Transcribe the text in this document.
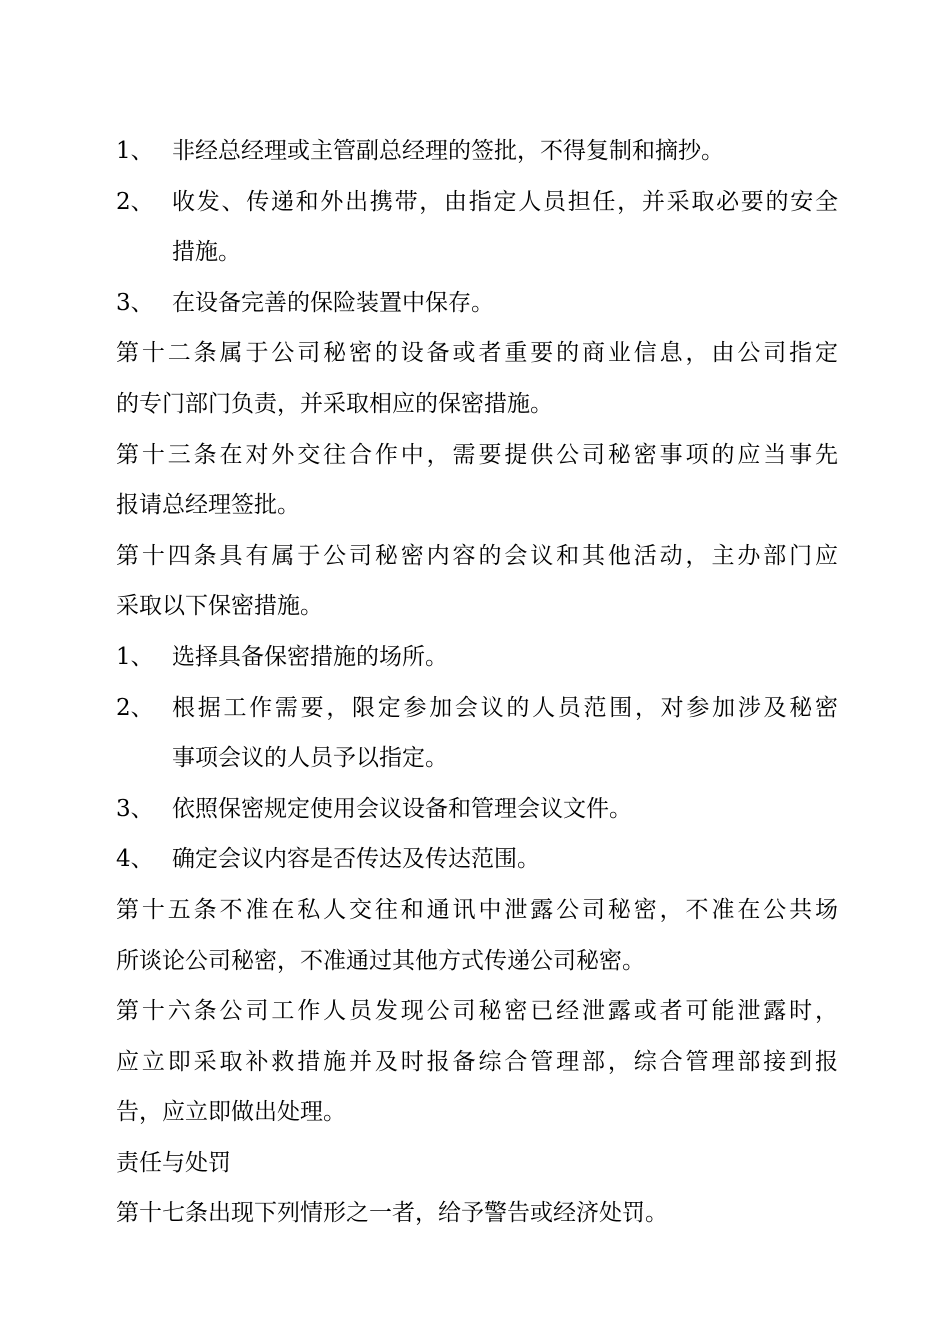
1、 非经总经理或主管副总经理的签批，不得复制和摘抄。
2、 收发、传递和外出携带，由指定人员担任，并采取必要的安全
措施。
3、 在设备完善的保险装置中保存。
第十二条属于公司秘密的设备或者重要的商业信息，由公司指定
的专门部门负责，并采取相应的保密措施。
第十三条在对外交往合作中，需要提供公司秘密事项的应当事先
报请总经理签批。
第十四条具有属于公司秘密内容的会议和其他活动，主办部门应
采取以下保密措施。
1、 选择具备保密措施的场所。
2、 根据工作需要，限定参加会议的人员范围，对参加涉及秘密
事项会议的人员予以指定。
3、 依照保密规定使用会议设备和管理会议文件。
4、 确定会议内容是否传达及传达范围。
第十五条不准在私人交往和通讯中泄露公司秘密，不准在公共场
所谈论公司秘密，不准通过其他方式传递公司秘密。
第十六条公司工作人员发现公司秘密已经泄露或者可能泄露时，
应立即采取补救措施并及时报备综合管理部，综合管理部接到报
告，应立即做出处理。
责任与处罚
第十七条出现下列情形之一者，给予警告或经济处罚。
